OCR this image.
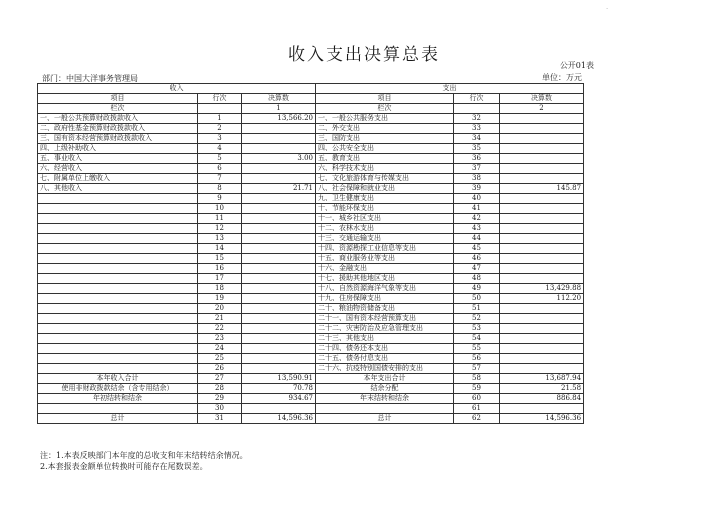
·
收入支出决算总表
公开01表
部门：中国大洋事务管理局	单位：万元
收入			支出		
项目	行次	决算数	项目	行次	决算数
栏次		1	栏次		2
一、一般公共预算财政拨款收入	1	13,566.20	一、一般公共服务支出	32	
二、政府性基金预算财政拨款收入	2		二、外交支出	33	
三、国有资本经营预算财政拨款收入	3		三、国防支出	34	
四、上级补助收入	4		四、公共安全支出	35	
五、事业收入	5	3.00	五、教育支出	36	
六、经营收入	6		六、科学技术支出	37	
七、附属单位上缴收入	7		七、文化旅游体育与传媒支出	38	
八、其他收入	8	21.71	八、社会保障和就业支出	39	145.87
	9		九、卫生健康支出	40	
	10		十、节能环保支出	41	
	11		十一、城乡社区支出	42	
	12		十二、农林水支出	43	
	13		十三、交通运输支出	44	
	14		十四、资源勘探工业信息等支出	45	
	15		十五、商业服务业等支出	46	
	16		十六、金融支出	47	
	17		十七、援助其他地区支出	48	
	18		十八、自然资源海洋气象等支出	49	13,429.88
	19		十九、住房保障支出	50	112.20
	20		二十、粮油物资储备支出	51	
	21		二十一、国有资本经营预算支出	52	
	22		二十二、灾害防治及应急管理支出	53	
	23		二十三、其他支出	54	
	24		二十四、债务还本支出	55	
	25		二十五、债务付息支出	56	
	26		二十六、抗疫特别国债安排的支出	57	
本年收入合计	27	13,590.91	本年支出合计	58	13,687.94
使用非财政拨款结余（含专用结余）	28	70.78	结余分配	59	21.58
年初结转和结余	29	934.67	年末结转和结余	60	886.84
	30			61	
总计	31	14,596.36	总计	62	14,596.36
注：1.本表反映部门本年度的总收支和年末结转结余情况。
2.本套报表金额单位转换时可能存在尾数误差。
